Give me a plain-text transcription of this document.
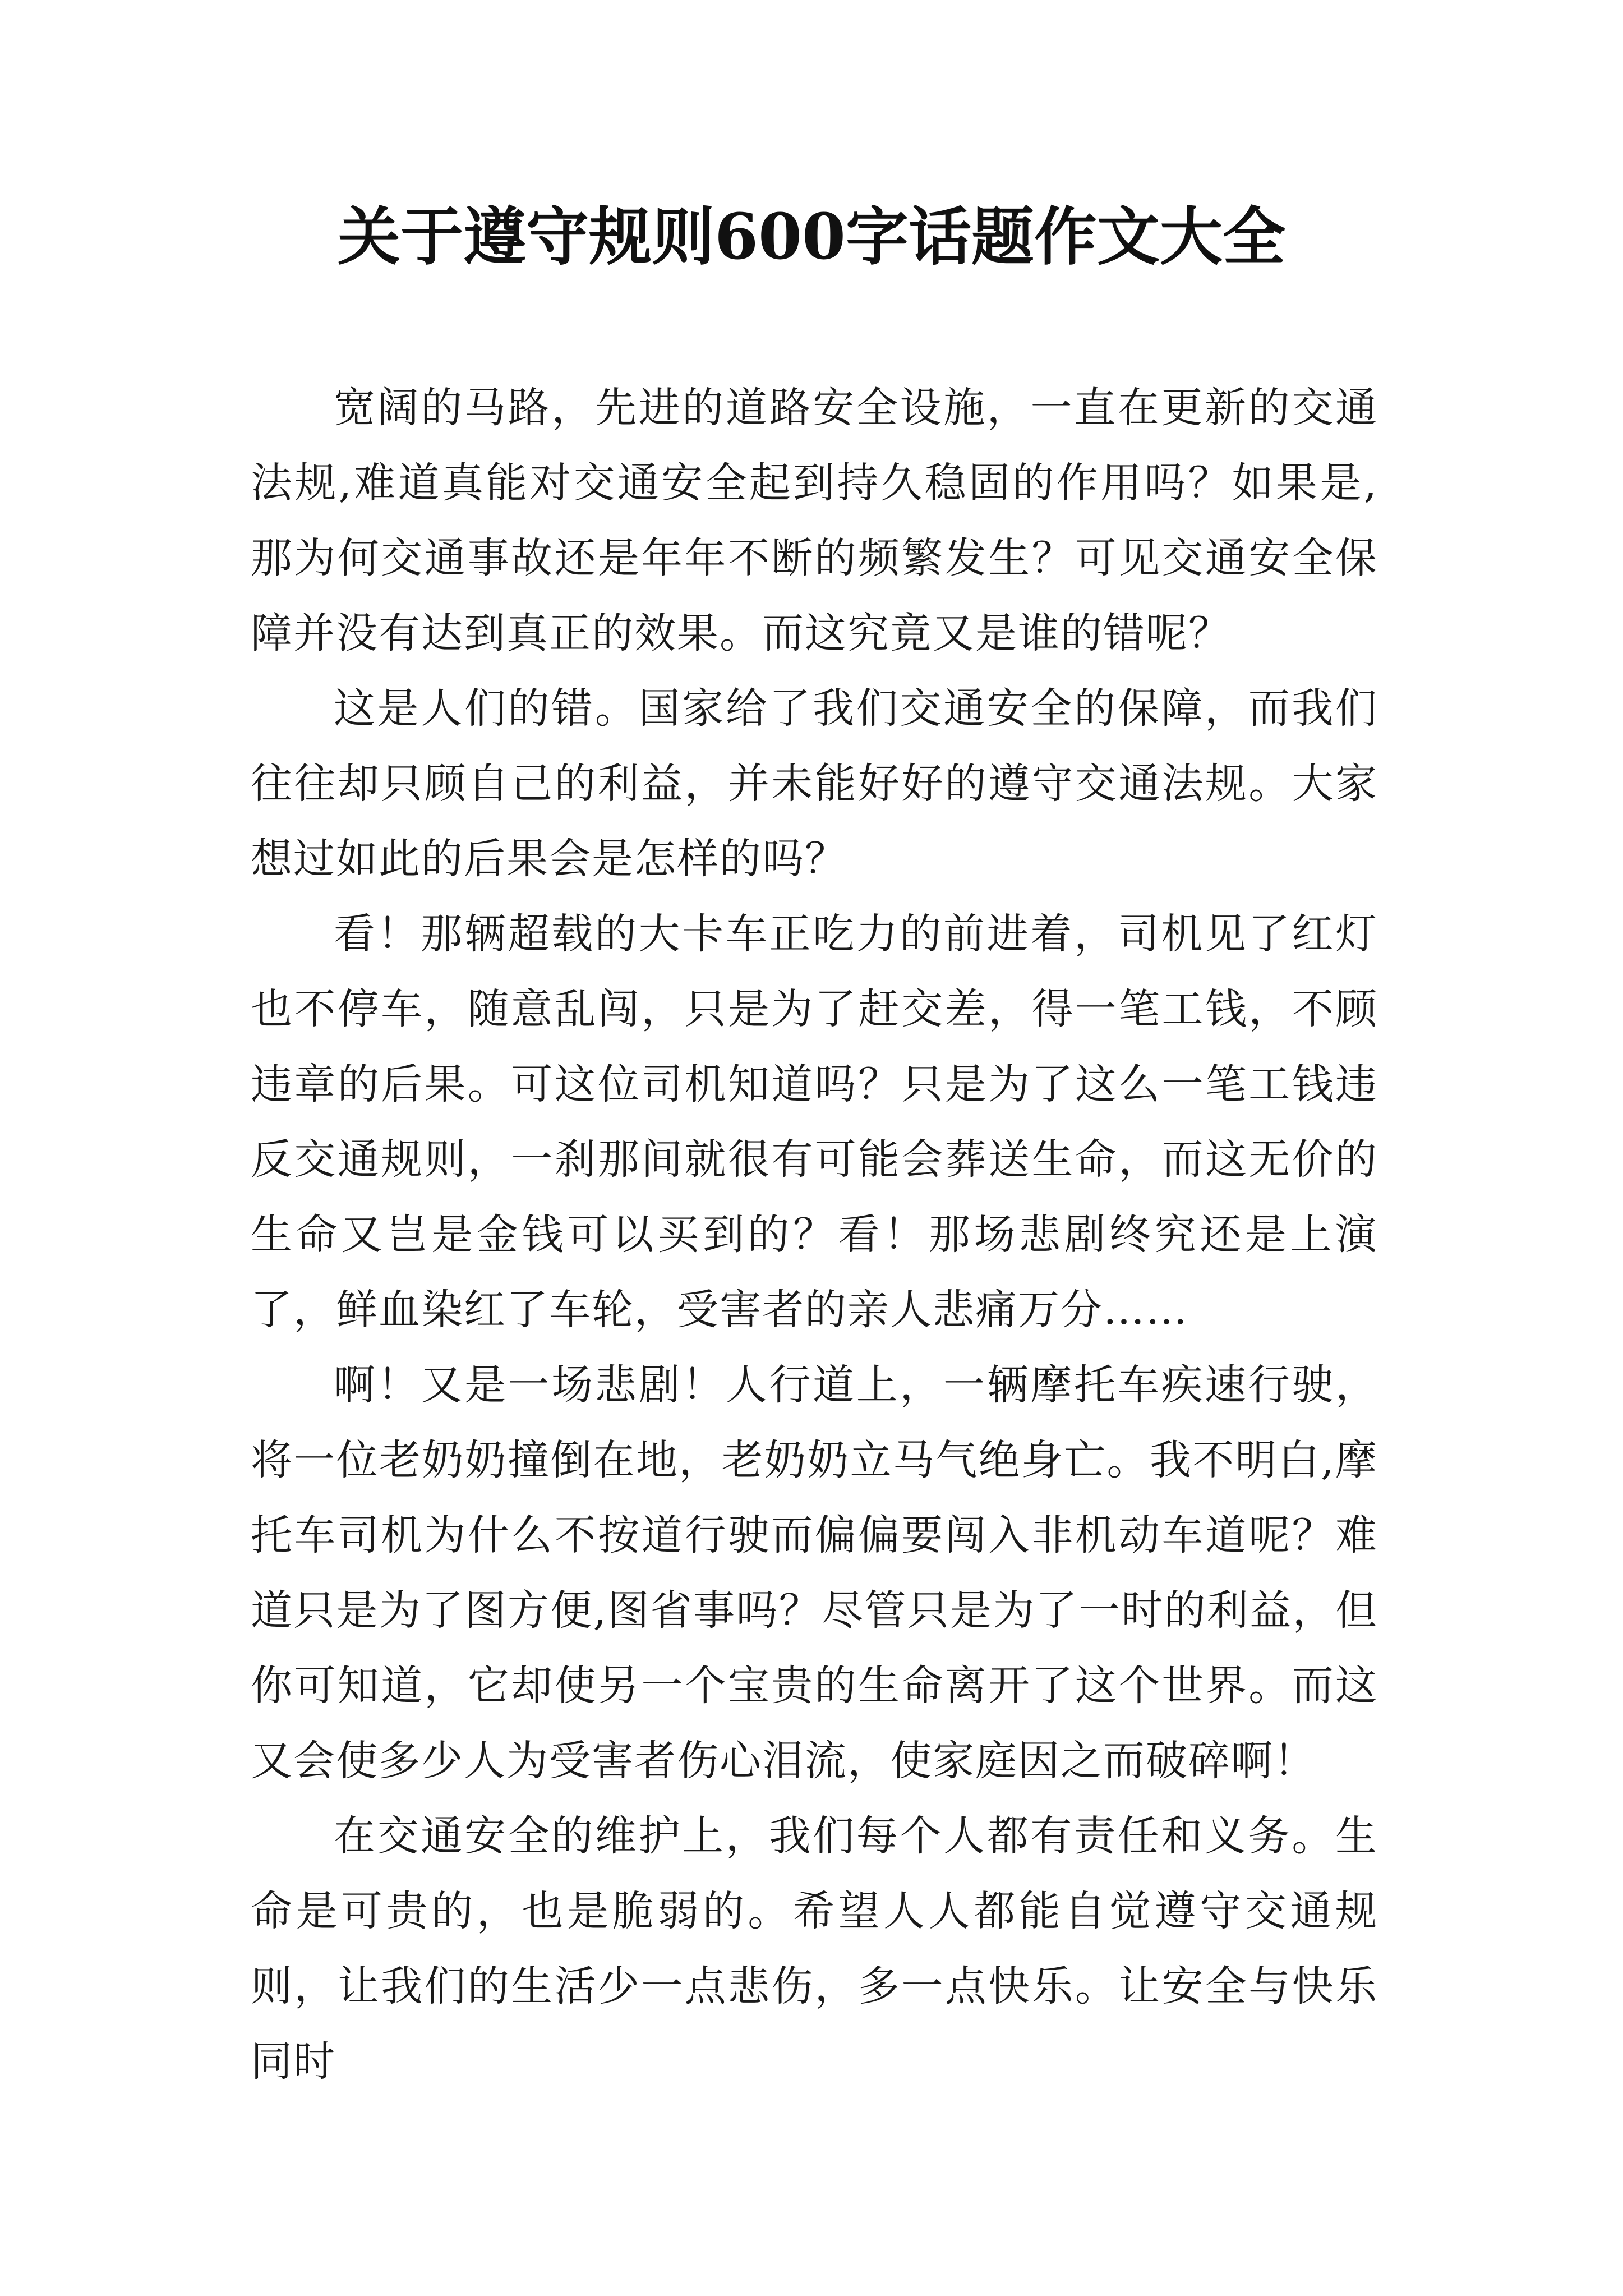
关于遵守规则600字话题作文大全

宽阔的马路，先进的道路安全设施，一直在更新的交通法规,难道真能对交通安全起到持久稳固的作用吗？如果是,那为何交通事故还是年年不断的频繁发生？可见交通安全保障并没有达到真正的效果。而这究竟又是谁的错呢？

这是人们的错。国家给了我们交通安全的保障，而我们往往却只顾自己的利益，并未能好好的遵守交通法规。大家想过如此的后果会是怎样的吗？

看！那辆超载的大卡车正吃力的前进着，司机见了红灯也不停车，随意乱闯，只是为了赶交差，得一笔工钱，不顾违章的后果。可这位司机知道吗？只是为了这么一笔工钱违反交通规则，一刹那间就很有可能会葬送生命，而这无价的生命又岂是金钱可以买到的？看！那场悲剧终究还是上演了，鲜血染红了车轮，受害者的亲人悲痛万分……

啊！又是一场悲剧！人行道上，一辆摩托车疾速行驶，将一位老奶奶撞倒在地，老奶奶立马气绝身亡。我不明白,摩托车司机为什么不按道行驶而偏偏要闯入非机动车道呢？难道只是为了图方便,图省事吗？尽管只是为了一时的利益，但你可知道，它却使另一个宝贵的生命离开了这个世界。而这又会使多少人为受害者伤心泪流，使家庭因之而破碎啊！

在交通安全的维护上，我们每个人都有责任和义务。生命是可贵的，也是脆弱的。希望人人都能自觉遵守交通规则，让我们的生活少一点悲伤，多一点快乐。让安全与快乐同时
